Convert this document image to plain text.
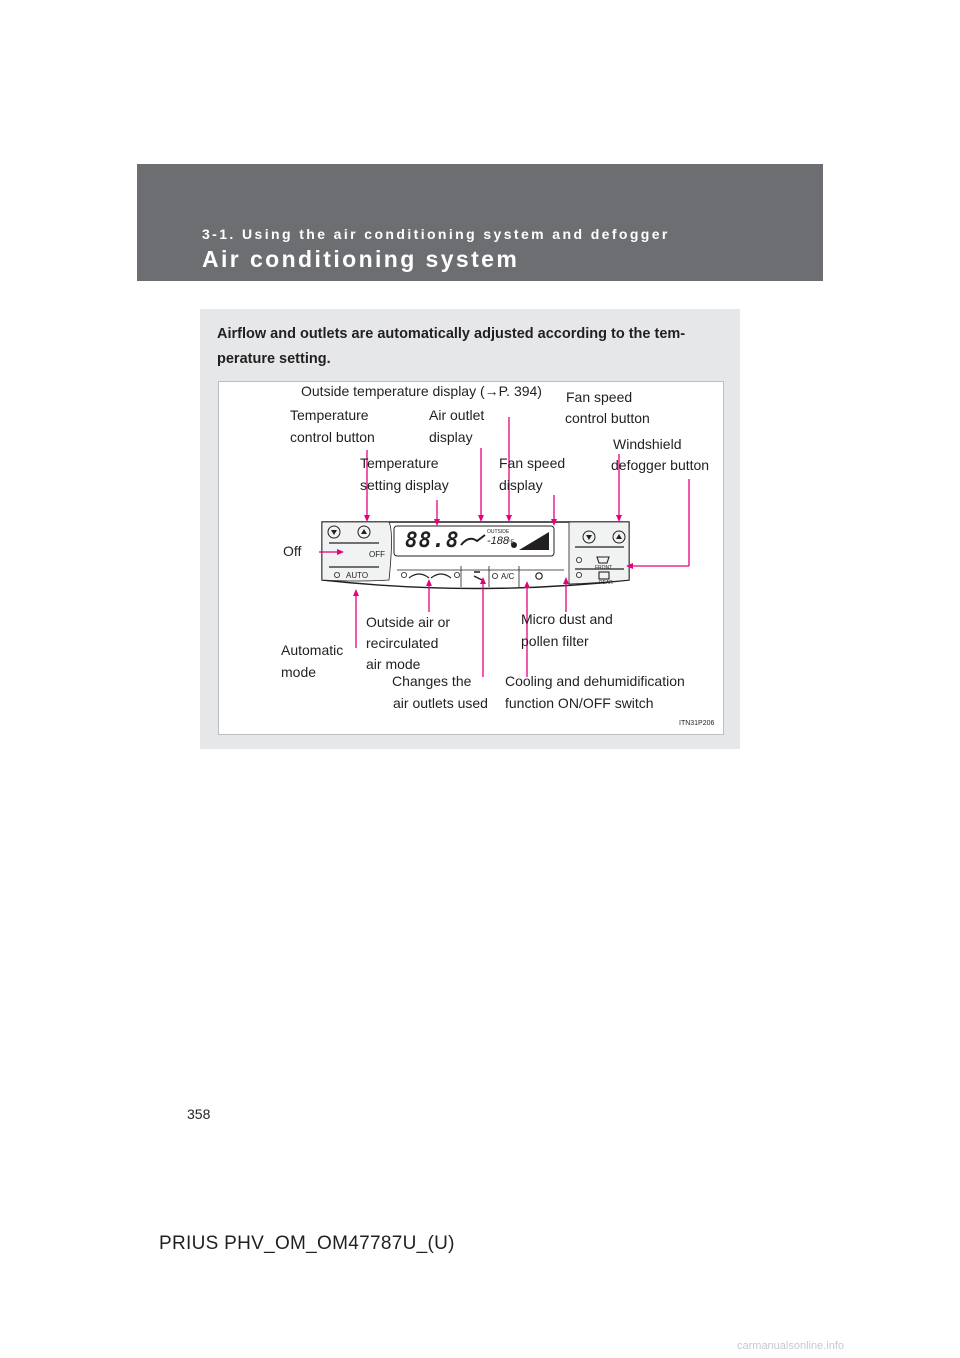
3-1. Using the air conditioning system and defogger
Air conditioning system
Airflow and outlets are automatically adjusted according to the tem-perature setting.
OFF
AUTO	A/C
FRONT
REAR
OUTSIDE
88.8 -188
°F
Outside temperature display (→P. 394)
Temperature
control button
Air outlet
display
Fan speed
control button
Windshield
defogger button
Temperature
setting display
Fan speed
display
Off
Automatic
mode
Outside air or
recirculated
air mode
Changes the
air outlets used
Micro dust and
pollen filter
Cooling and dehumidification
function ON/OFF switch
ITN31P206
358
PRIUS PHV_OM_OM47787U_(U)
carmanualsonline.info
